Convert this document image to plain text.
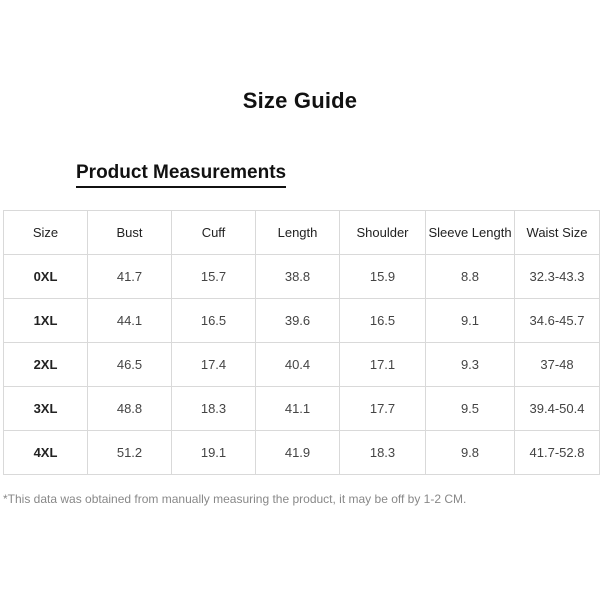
Size Guide
Product Measurements
Size	Bust	Cuff	Length	Shoulder	Sleeve Length	Waist Size
0XL	41.7	15.7	38.8	15.9	8.8	32.3-43.3
1XL	44.1	16.5	39.6	16.5	9.1	34.6-45.7
2XL	46.5	17.4	40.4	17.1	9.3	37-48
3XL	48.8	18.3	41.1	17.7	9.5	39.4-50.4
4XL	51.2	19.1	41.9	18.3	9.8	41.7-52.8
*This data was obtained from manually measuring the product, it may be off by 1-2 CM.
